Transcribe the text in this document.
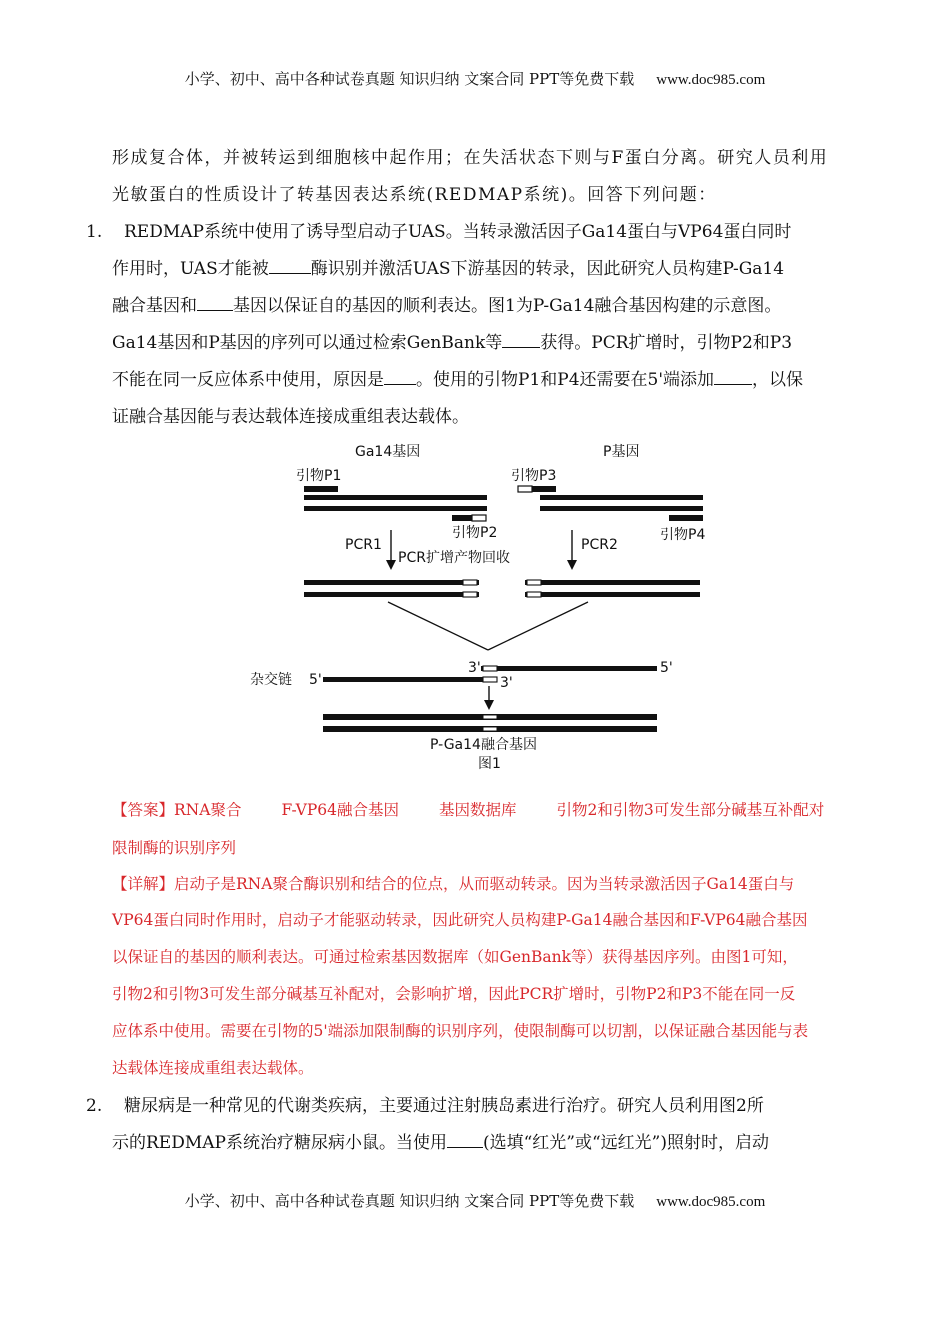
小学、初中、高中各种试卷真题 知识归纳 文案合同 PPT等免费下载 www.doc985.com
形成复合体，并被转运到细胞核中起作用；在失活状态下则与F蛋白分离。研究人员利用
光敏蛋白的性质设计了转基因表达系统(REDMAP系统)。回答下列问题：
1. REDMAP系统中使用了诱导型启动子UAS。当转录激活因子Ga14蛋白与VP64蛋白同时
作用时，UAS才能被 酶识别并激活UAS下游基因的转录，因此研究人员构建P-Ga14
融合基因和 基因以保证自的基因的顺利表达。图1为P-Ga14融合基因构建的示意图。
Ga14基因和P基因的序列可以通过检索GenBank等 获得。PCR扩增时，引物P2和P3
不能在同一反应体系中使用，原因是 。使用的引物P1和P4还需要在5'端添加 ，以保
证融合基因能与表达载体连接成重组表达载体。
Ga14基因	P基因
引物P1
引物P2
引物P3
引物P4
PCR1
PCR扩增产物回收
PCR2
3'	5'
杂交链 5'	3'
P-Ga14融合基因
图1
【答案】RNA聚合	F-VP64融合基因	基因数据库	引物2和引物3可发生部分碱基互补配对
限制酶的识别序列
【详解】启动子是RNA聚合酶识别和结合的位点，从而驱动转录。因为当转录激活因子Ga14蛋白与
VP64蛋白同时作用时，启动子才能驱动转录，因此研究人员构建P-Ga14融合基因和F-VP64融合基因
以保证自的基因的顺利表达。可通过检索基因数据库（如GenBank等）获得基因序列。由图1可知，
引物2和引物3可发生部分碱基互补配对，会影响扩增，因此PCR扩增时，引物P2和P3不能在同一反
应体系中使用。需要在引物的5'端添加限制酶的识别序列，使限制酶可以切割，以保证融合基因能与表
达载体连接成重组表达载体。
2. 糖尿病是一种常见的代谢类疾病，主要通过注射胰岛素进行治疗。研究人员利用图2所
示的REDMAP系统治疗糖尿病小鼠。当使用 (选填“红光”或“远红光”)照射时，启动
小学、初中、高中各种试卷真题 知识归纳 文案合同 PPT等免费下载 www.doc985.com
